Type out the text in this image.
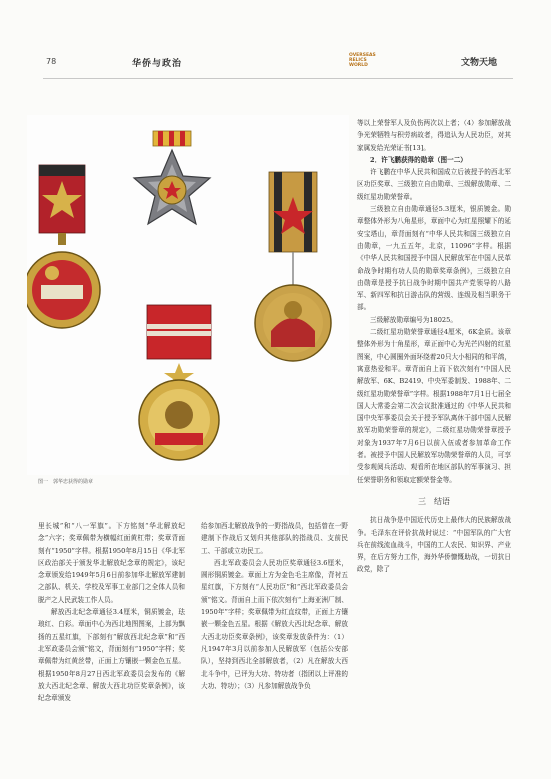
78	华侨与政治
OVERSEAS RELICS WORLD	文物天地
图一　郭华忠获得的勋章

里长城”和“八一军旗”。下方铭刻“华北解放纪念”六字；奖章佩带为横幅红面黄杠带；奖章背面刻有“1950”字样。根据1950年8月15日《华北军区政治部关于颁发华北解放纪念章的规定》，该纪念章颁发给1949年5月6日前参加华北解放军建制之部队、机关、学校及军事工业部门之全体人员和脱产之人民武装工作人员。

解放西北纪念章通径3.4厘米，铜质镀金，珐琅红、白彩。章面中心为西北地图图案，上部为飘扬的五星红旗，下部刻有“解放西北纪念章”和“西北军政委员会颁”铭文，背面刻有“1950”字样；奖章佩带为红黄丝带，正面上方镶嵌一颗金色五星。根据1950年8月27日西北军政委员会发布的《解放大西北纪念章、解放大西北功臣奖章条例》，该纪念章颁发

给参加西北解放战争的一野指战员，包括曾在一野建制下作战后又划归其他部队的指战员、支前民工、干部或立功民工。

西北军政委员会人民功臣奖章通径3.6厘米，圆形铜质镀金。章面上方为金色毛主席像，背衬五星红旗，下方刻有“人民功臣”和“西北军政委员会颁”铭文。背面自上而下依次刻有“上海亚洲厂制、1950年”字样；奖章佩带为红直纹带，正面上方镶嵌一颗金色五星。根据《解放大西北纪念章、解放大西北功臣奖章条例》，该奖章发放条件为：（1）凡1947年3月以前参加人民解放军（包括公安部队），坚持到西北全部解放者，（2）凡在解放大西北斗争中，已评为大功、特功者（指团以上评准的大功、特功）；（3）凡参加解放战争负

等以上荣誉军人及负伤两次以上者；（4）参加解放战争光荣牺牲与积劳病故者，得追认为人民功臣，对其家属发给光荣证书[13]。

2．许飞鹏获得的勋章（图一二）

许飞鹏在中华人民共和国成立后被授予的西北军区功臣奖章、三级独立自由勋章、三级解放勋章、二级红星功勋荣誉章。

三级独立自由勋章通径5.3厘米，银质镀金。勋章整体外形为八角星形，章面中心为红星照耀下的延安宝塔山，章背面刻有“中华人民共和国三级独立自由勋章，一九五五年，北京，11096”字样。根据《中华人民共和国授予中国人民解放军在中国人民革命战争时期有功人员的勋章奖章条例》，三级独立自由勋章是授予抗日战争时期中国共产党领导的八路军、新四军和抗日游击队的营级、连级及相当职务干部。

三级解放勋章编号为18025。

二级红星功勋荣誉章通径4厘米，6K金质。该章整体外形为十角星形，章正面中心为光芒四射的红星图案，中心圆圈外面环绕着20只大小相同的和平鸽，寓意热爱和平。章背面自上而下依次刻有“中国人民解放军、6K、B2419、中央军委制发、1988年、二级红星功勋荣誉章”字样。根据1988年7月1日七届全国人大常委会第二次会议批准通过的《中华人民共和国中央军事委员会关于授予军队离休干部中国人民解放军功勋荣誉章的规定》，二级红星功勋荣誉章授予对象为1937年7月6日以前入伍或者参加革命工作者。被授予中国人民解放军功勋荣誉章的人员，可享受参观阅兵活动、观看所在地区部队的军事演习、担任荣誉职务和领取定额荣誉金等。

三　结语

抗日战争是中国近代历史上最伟大的民族解放战争。毛泽东在评价抗战时说过：“中国军队的广大官兵在前线流血战斗，中国的工人农民、知识界、产业界，在后方努力工作，海外华侨慷慨助战，一切抗日政党，除了
